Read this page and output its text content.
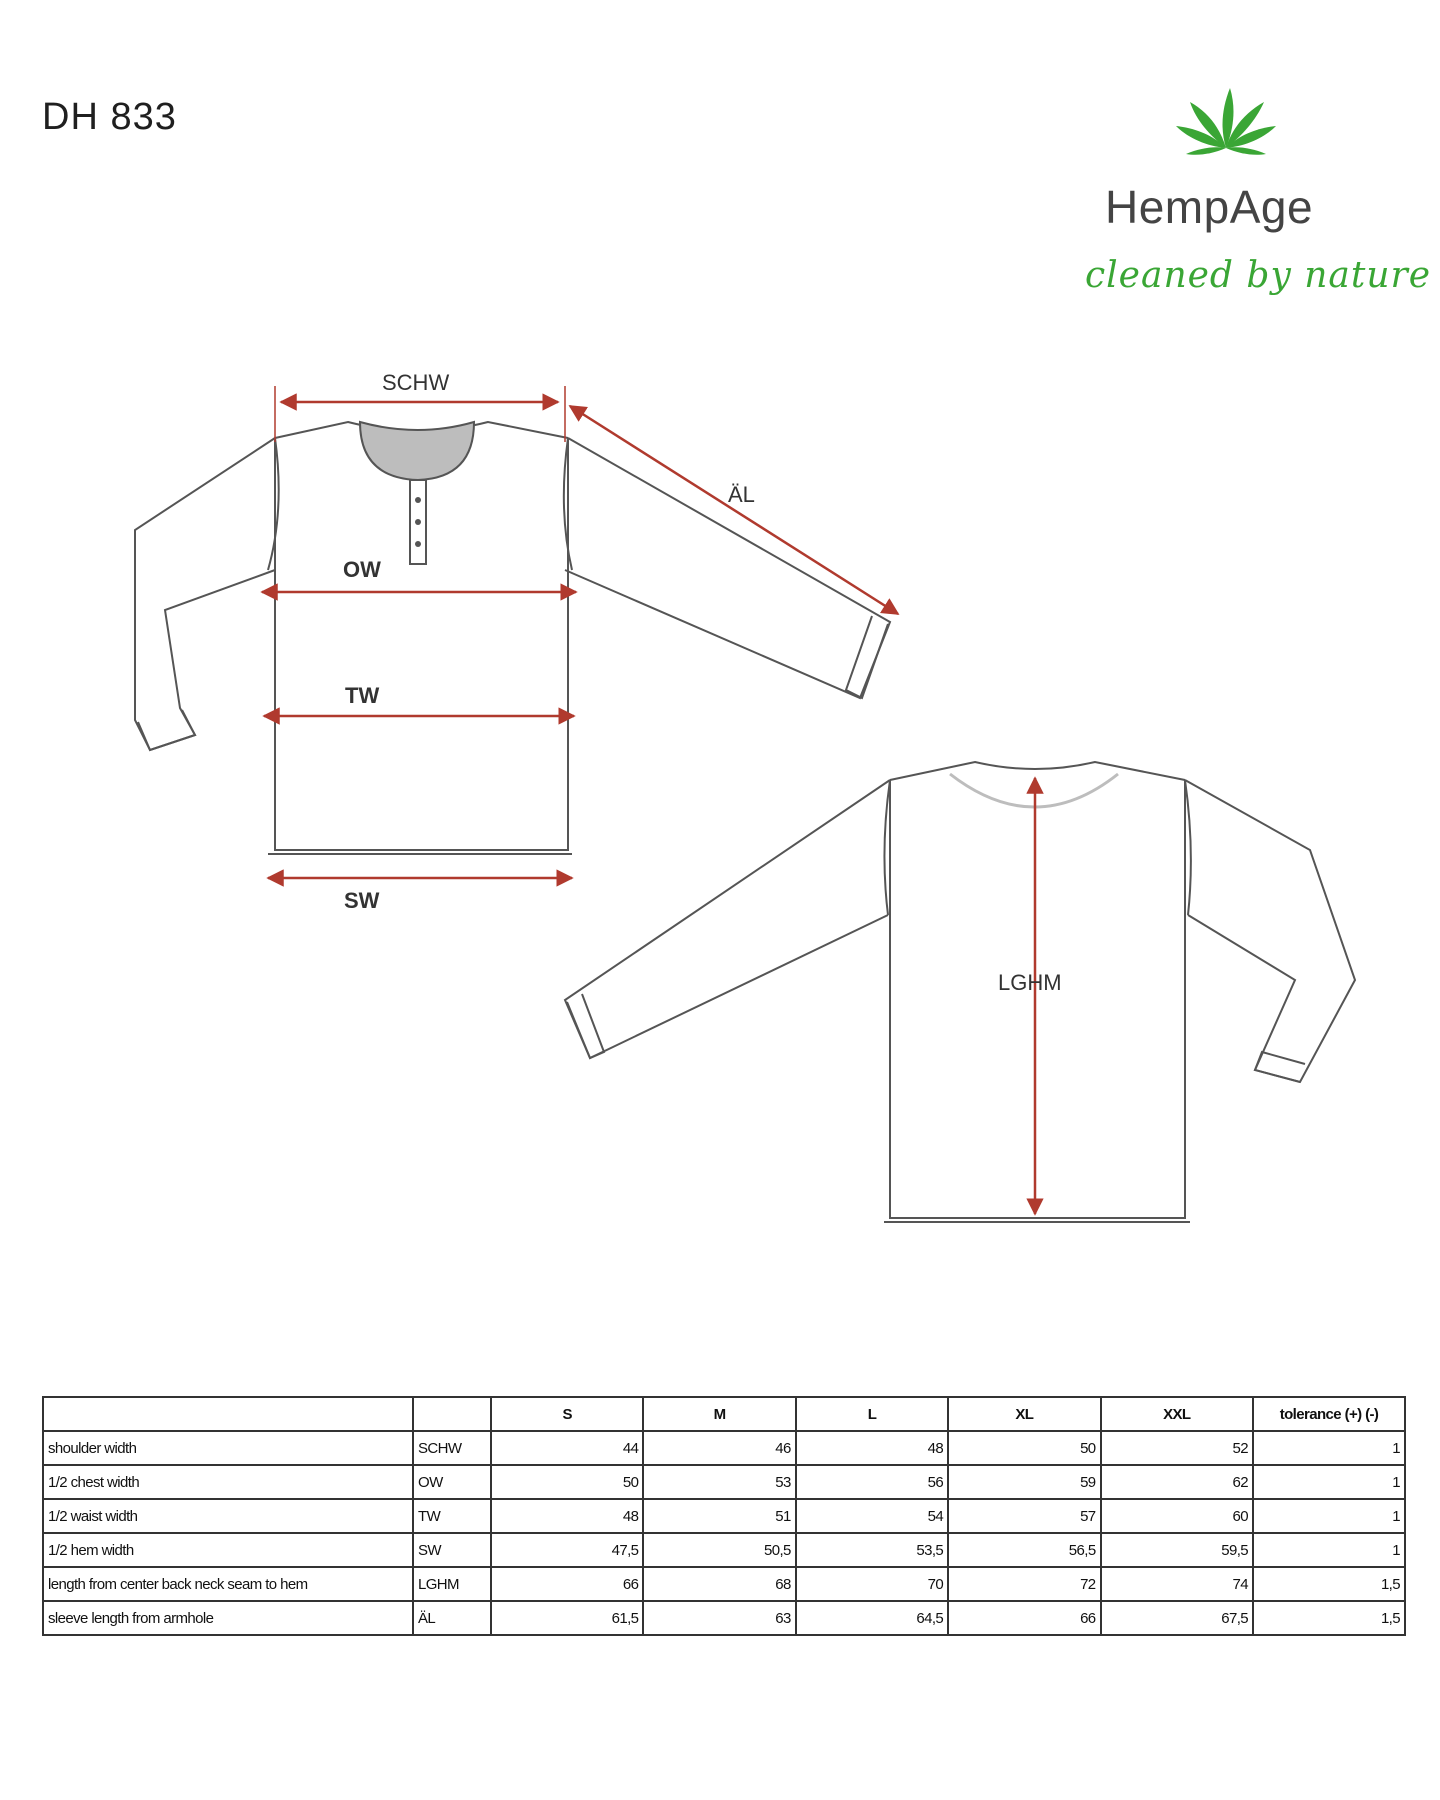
DH 833
HempAge
cleaned by nature
SCHW
ÄL
OW
TW
SW
LGHM
		S	M	L	XL	XXL	tolerance (+) (-)
shoulder width	SCHW	44	46	48	50	52	1
1/2 chest width	OW	50	53	56	59	62	1
1/2 waist width	TW	48	51	54	57	60	1
1/2 hem width	SW	47,5	50,5	53,5	56,5	59,5	1
length from center back neck seam to hem	LGHM	66	68	70	72	74	1,5
sleeve length from armhole	ÄL	61,5	63	64,5	66	67,5	1,5
